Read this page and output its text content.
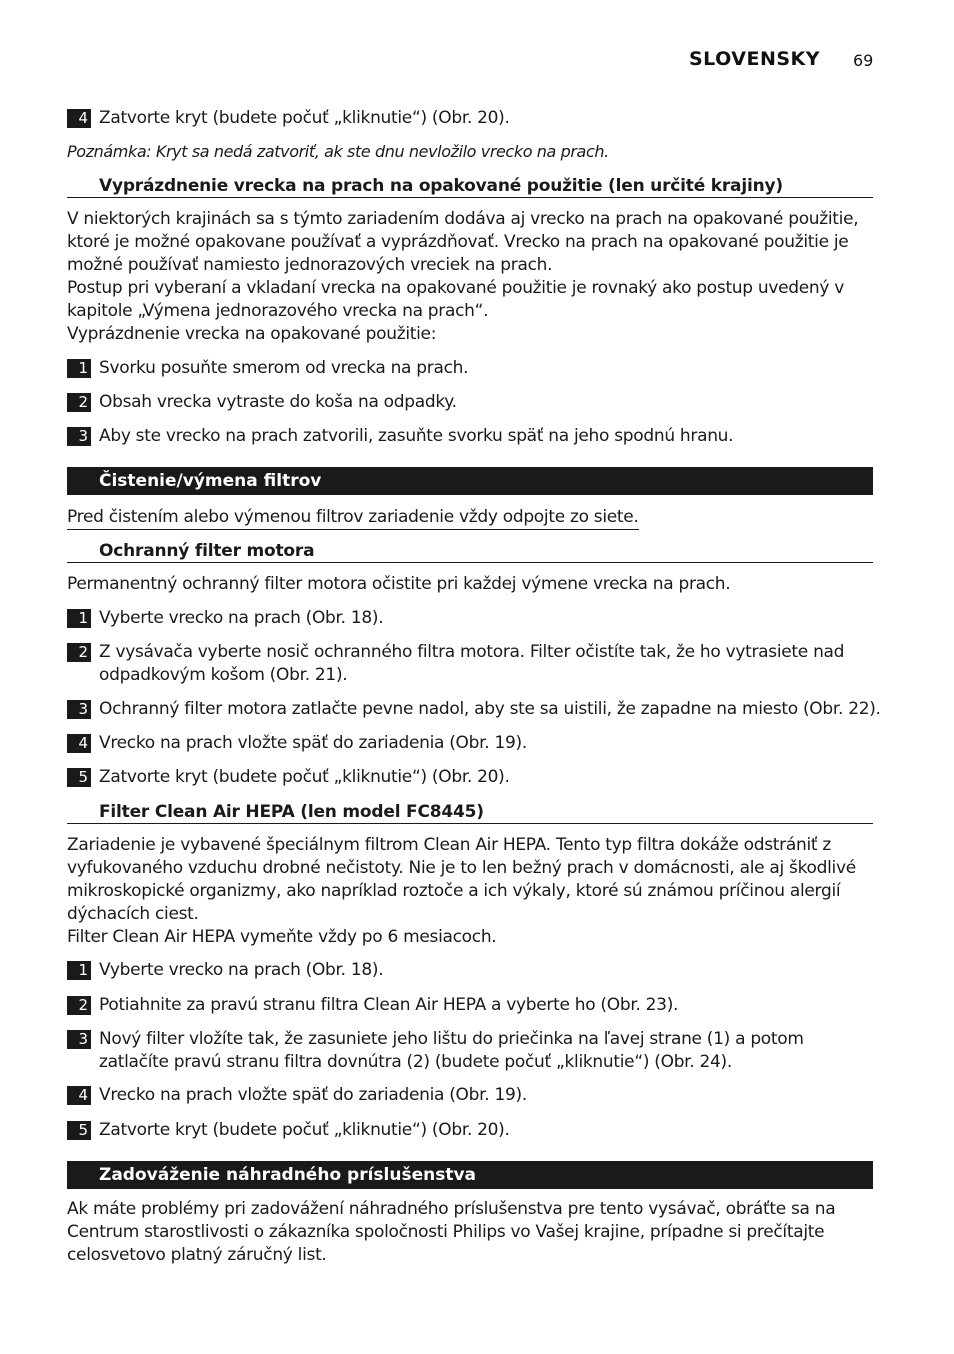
SLOVENSKY 69
4 Zatvorte kryt (budete počuť „kliknutie“) (Obr. 20).
Poznámka: Kryt sa nedá zatvoriť, ak ste dnu nevložilo vrecko na prach.
Vyprázdnenie vrecka na prach na opakované použitie (len určité krajiny)
V niektorých krajinách sa s týmto zariadením dodáva aj vrecko na prach na opakované použitie,
ktoré je možné opakovane používať a vyprázdňovať. Vrecko na prach na opakované použitie je
možné používať namiesto jednorazových vreciek na prach.
Postup pri vyberaní a vkladaní vrecka na opakované použitie je rovnaký ako postup uvedený v
kapitole „Výmena jednorazového vrecka na prach“.
Vyprázdnenie vrecka na opakované použitie:
1 Svorku posuňte smerom od vrecka na prach.
2 Obsah vrecka vytraste do koša na odpadky.
3 Aby ste vrecko na prach zatvorili, zasuňte svorku späť na jeho spodnú hranu.
Čistenie/výmena filtrov
Pred čistením alebo výmenou filtrov zariadenie vždy odpojte zo siete.
Ochranný filter motora
Permanentný ochranný filter motora očistite pri každej výmene vrecka na prach.
1 Vyberte vrecko na prach (Obr. 18).
2 Z vysávača vyberte nosič ochranného filtra motora. Filter očistíte tak, že ho vytrasiete nad
odpadkovým košom (Obr. 21).
3 Ochranný filter motora zatlačte pevne nadol, aby ste sa uistili, že zapadne na miesto (Obr. 22).
4 Vrecko na prach vložte späť do zariadenia (Obr. 19).
5 Zatvorte kryt (budete počuť „kliknutie“) (Obr. 20).
Filter Clean Air HEPA (len model FC8445)
Zariadenie je vybavené špeciálnym filtrom Clean Air HEPA. Tento typ filtra dokáže odstrániť z
vyfukovaného vzduchu drobné nečistoty. Nie je to len bežný prach v domácnosti, ale aj škodlivé
mikroskopické organizmy, ako napríklad roztoče a ich výkaly, ktoré sú známou príčinou alergií
dýchacích ciest.
Filter Clean Air HEPA vymeňte vždy po 6 mesiacoch.
1 Vyberte vrecko na prach (Obr. 18).
2 Potiahnite za pravú stranu filtra Clean Air HEPA a vyberte ho (Obr. 23).
3 Nový filter vložíte tak, že zasuniete jeho lištu do priečinka na ľavej strane (1) a potom
zatlačíte pravú stranu filtra dovnútra (2) (budete počuť „kliknutie“) (Obr. 24).
4 Vrecko na prach vložte späť do zariadenia (Obr. 19).
5 Zatvorte kryt (budete počuť „kliknutie“) (Obr. 20).
Zadováženie náhradného príslušenstva
Ak máte problémy pri zadovážení náhradného príslušenstva pre tento vysávač, obráťte sa na
Centrum starostlivosti o zákazníka spoločnosti Philips vo Vašej krajine, prípadne si prečítajte
celosvetovo platný záručný list.
